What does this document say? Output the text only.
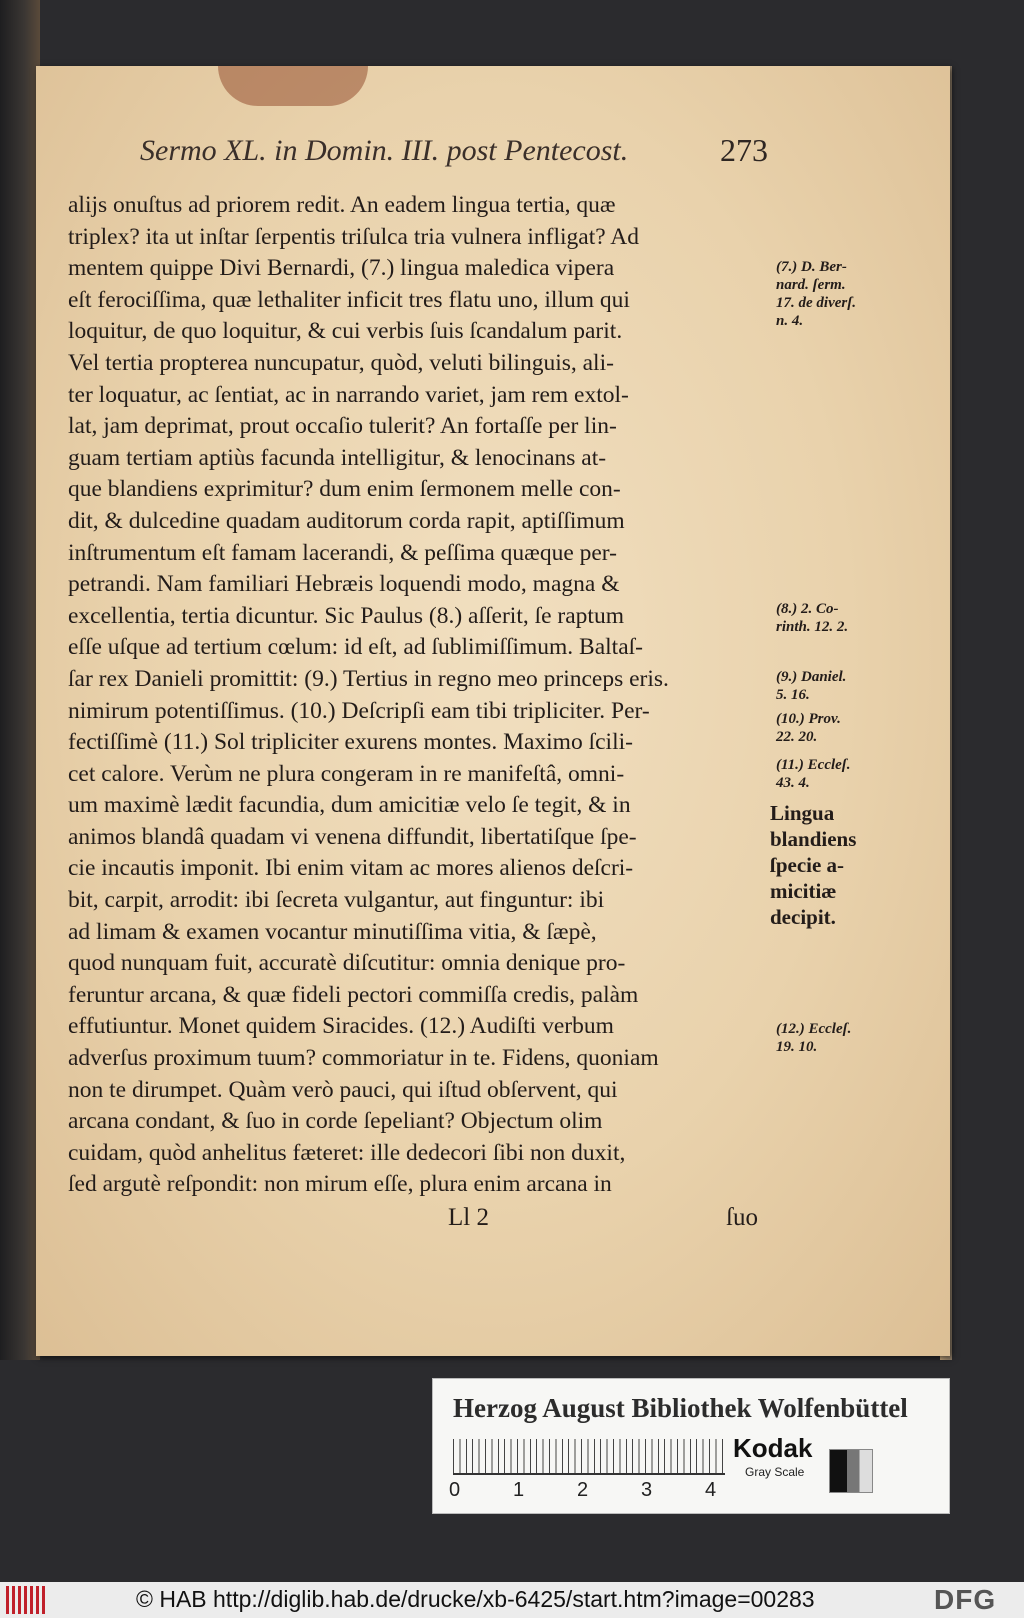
Sermo XL. in Domin. III. post Pentecost.	273
alijs onuſtus ad priorem redit. An eadem lingua tertia, quæ
triplex? ita ut inſtar ſerpentis triſulca tria vulnera infligat? Ad
mentem quippe Divi Bernardi, (7.) lingua maledica vipera
eſt ferociſſima, quæ lethaliter inficit tres flatu uno, illum qui
loquitur, de quo loquitur, & cui verbis ſuis ſcandalum parit.
Vel tertia propterea nuncupatur, quòd, veluti bilinguis, ali-
ter loquatur, ac ſentiat, ac in narrando variet, jam rem extol-
lat, jam deprimat, prout occaſio tulerit? An fortaſſe per lin-
guam tertiam aptiùs facunda intelligitur, & lenocinans at-
que blandiens exprimitur? dum enim ſermonem melle con-
dit, & dulcedine quadam auditorum corda rapit, aptiſſimum
inſtrumentum eſt famam lacerandi, & peſſima quæque per-
petrandi. Nam familiari Hebræis loquendi modo, magna &
excellentia, tertia dicuntur. Sic Paulus (8.) aſſerit, ſe raptum
eſſe uſque ad tertium cœlum: id eſt, ad ſublimiſſimum. Baltaſ-
ſar rex Danieli promittit: (9.) Tertius in regno meo princeps eris.
nimirum potentiſſimus. (10.) Deſcripſi eam tibi tripliciter. Per-
fectiſſimè (11.) Sol tripliciter exurens montes. Maximo ſcili-
cet calore. Verùm ne plura congeram in re manifeſtâ, omni-
um maximè lædit facundia, dum amicitiæ velo ſe tegit, & in
animos blandâ quadam vi venena diffundit, libertatiſque ſpe-
cie incautis imponit. Ibi enim vitam ac mores alienos deſcri-
bit, carpit, arrodit: ibi ſecreta vulgantur, aut finguntur: ibi
ad limam & examen vocantur minutiſſima vitia, & ſæpè,
quod nunquam fuit, accuratè diſcutitur: omnia denique pro-
feruntur arcana, & quæ fideli pectori commiſſa credis, palàm
effutiuntur. Monet quidem Siracides. (12.) Audiſti verbum
adverſus proximum tuum? commoriatur in te. Fidens, quoniam
non te dirumpet. Quàm verò pauci, qui iſtud obſervent, qui
arcana condant, & ſuo in corde ſepeliant? Objectum olim
cuidam, quòd anhelitus fæteret: ille dedecori ſibi non duxit,
ſed argutè reſpondit: non mirum eſſe, plura enim arcana in
(7.) D. Ber-
nard. ſerm.
17. de diverſ.
n. 4.
(8.) 2. Co-
rinth. 12. 2.
(9.) Daniel.
5. 16.
(10.) Prov.
22. 20.
(11.) Eccleſ.
43. 4.
(12.) Eccleſ.
19. 10.
Lingua
blandiens
ſpecie a-
micitiæ
decipit.
Ll 2	ſuo
Herzog August Bibliothek Wolfenbüttel
0	1	2	3	4
Kodak
Gray Scale
© HAB http://diglib.hab.de/drucke/xb-6425/start.htm?image=00283	DFG
